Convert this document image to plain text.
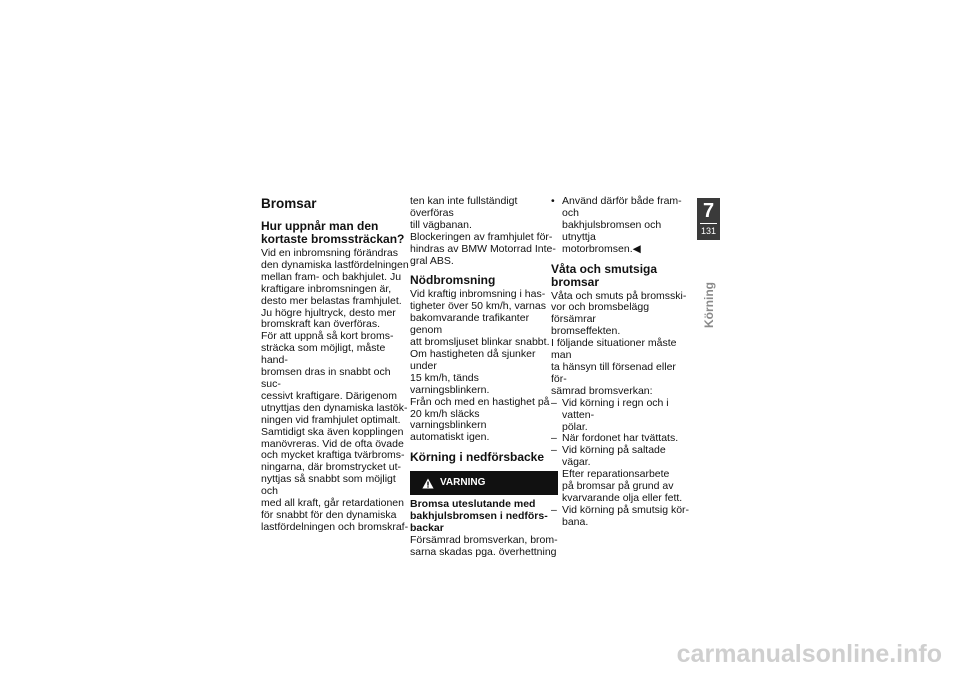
Bromsar
Hur uppnår man den kortaste bromssträckan?
Vid en inbromsning förändras
den dynamiska lastfördelningen
mellan fram- och bakhjulet. Ju
kraftigare inbromsningen är,
desto mer belastas framhjulet.
Ju högre hjultryck, desto mer
bromskraft kan överföras.
För att uppnå så kort broms-
sträcka som möjligt, måste hand-
bromsen dras in snabbt och suc-
cessivt kraftigare. Därigenom
utnyttjas den dynamiska lastök-
ningen vid framhjulet optimalt.
Samtidigt ska även kopplingen
manövreras. Vid de ofta övade
och mycket kraftiga tvärbroms-
ningarna, där bromstrycket ut-
nyttjas så snabbt som möjligt och
med all kraft, går retardationen
för snabbt för den dynamiska
lastfördelningen och bromskraf-
ten kan inte fullständigt överföras
till vägbanan.
Blockeringen av framhjulet för-
hindras av BMW Motorrad Inte-
gral ABS.
Nödbromsning
Vid kraftig inbromsning i has-
tigheter över 50 km/h, varnas
bakomvarande trafikanter genom
att bromsljuset blinkar snabbt.
Om hastigheten då sjunker under
15 km/h, tänds varningsblinkern.
Från och med en hastighet på
20 km/h släcks varningsblinkern
automatiskt igen.
Körning i nedförsbacke
VARNING
Bromsa uteslutande med
bakhjulsbromsen i nedförs-
backar
Försämrad bromsverkan, brom-
sarna skadas pga. överhettning
• Använd därför både fram- och
bakhjulsbromsen och utnyttja
motorbromsen.◀
Våta och smutsiga bromsar
Våta och smuts på bromsski-
vor och bromsbelägg försämrar
bromseffekten.
I följande situationer måste man
ta hänsyn till försenad eller för-
sämrad bromsverkan:
– Vid körning i regn och i vatten-
pölar.
– När fordonet har tvättats.
– Vid körning på saltade vägar.
– Efter reparationsarbete
på bromsar på grund av
kvarvarande olja eller fett.
– Vid körning på smutsig kör-
bana.
7
131
Körning
carmanualsonline.info
